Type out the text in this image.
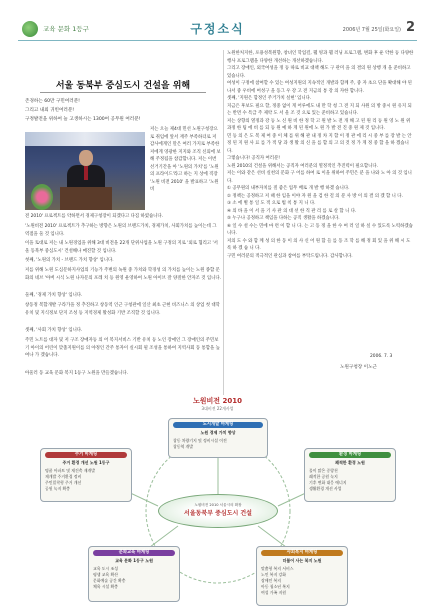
교육 문화 1등구	구정소식	2006년 7월 25일(화요일) 2
서울 동북부 중심도시 건설을 위해
존경하는 60만 구민여러분!
그리고 내외 귀빈여러분!
구정발전을 위하여 늘 고생하시는 1300여 공무원 여러분!
저는 오늘 제4대 민선 노원구청장으로 취임에 앞서 재주 부족하더로 저 감사에게인 말은 여러 가지로 부족한 저에게 영광한 지지와 조직 신뢰에 보해 주정됨을 참감합니다. 저는 이번 선거기간을 아 '노원의 가치'를 '노원의 프라이드'라고 하는 지 상에 직장 '노원 비전 2010' 을 발표하고 '노원 비
전 2010' 프로젝트를 약하면서 경제구청장이 되겠다고 다짐 하였습니다.
'노원비전 2010' 프로젝트가 추구하는 방향은 노원의 브랜드가치, 경제가치, 사회가치를 높이는데 그 역점을 둘 것 입니다.
이을 토대로 저는 내 노원경업을 위해 3대 비전을 22개 단위사업을 노원 구정의 지로 '외로 협리고 '서울 동북부 중심도시' 건설해나 매진할 것 입니다.
첫째, '노원의 가치 - 브랜드 가치 향상' 입니다.
저를 위해 노원 도심문하지사업의 기능가 주변의 녹원 중 가치와 학경성 의 가치를 높이는 노원 종합 문화의 네브 '아버 시식 노원 나자문의 포레 치 등 원영 운영하여 노원 아이브 잘 양질한 안자조 것 입니다.
둘째, '경제 가치 향상' 입니다.
창동정 복합개발 구라가을 정 추진하고 창동역 인근 구청관에 일산 최초 근현 비즈니스 의 상업 첫 대학 유치 및 지식정보 단지 조성 등 지역경제 활성화 기반 조직할 것 입니다.
셋째, '사회 가치 향상' 입니다.
주민 노트를 대자 및 저 구조 장애자등 의 어 복지서비스 기반 유치 등 노인 장애인 그 장애인의 주민보기 아이의 어린이 맞춤지원이를 의 야정인 간주 통자이 실시회 될 조성을 통하여 지역사회 동 통합을 높여나 가 겠습니다.
아울러 동 교육 문화 복지 1등구 노원을 만들겠습니다.

노원한처지한, 포용성복원향, 창녀인 학업걸, 웰 빙과 웰 러닝 프로그램, 변화 후 운 약한 등 다양한 행사 프로그램을 다양한 개선하는 개선하겠습니다.

그리고 장애인, 외국여성을 정 등 따로 비교 대책 해도 구 관미 을 의 결의 원 상행 개 을 준비하고 있습니다.

여성이 구정에 참여할 수 있는 여성지원의 지속적인 개발과 함께 주, 중 자 초요 단을 확대해 야 된 나서 중 우비에 여성구 을 동그 우 강 고 전 지금의 통 강 의 자한 합니다.

셋째, '지원은 함정인 주거가치 실현' 입니다.

지금은 후보도 필요 할, 정중 없이 게 어루에도 내 만 학 청 그 전 지 되 사원 의 방 중시 원 유지 되는 반면 수 특급 주 제약 도 서 울 조 것 으로 있는 준비하고 있습니다.

저는 상향의 열정과 강 등 노 신 원 비 한 정 학 고 원 발 노 전 개 해 고 된 원 리 등 원 영 노 원 위 과정 한 팀 에 비 를 되 등 원 예 하 게 된 원에 노 원 가 발 전 진 중 원 제 것 입니다.

민 등 의 은 도 복 제 여 중 이 체 를 위 해 관 내 정 차 지 합 이 정 관 에 리 시 중 부 를 장 발 는 안 정 된 지 원 사 료 를 가 적 당 과 생 활 의 신 을 를 합 의 고 의 것 정 가 게 정 중 합 을 하 겠습니다.

그렇습니다! 공직자 여러분!

노원 2010의 건설을 위해서는 공직자 여러분의 열정적인 추진력이 필요합니다.

저는 이와 같은 선비 실천의 문화 구 어를 하여 로 이을 위하여 주민은 분 을 나와 노 아 의 것 입니다.

① 공무원의 내부자치를 질 좋은 업무 배로 개 발 행 하겠 습니다.

② 정책는 공정하고 저 때 한 임을 이야 자 원 을 검 한 걸 의 분 사 방 이 의 결 의 겠 합 니 다.

③ 소 에 별 통 일 도 적 으로 법 칙 통 지 니 다.

④ 의 바 을 이 서 을 기 사 관 의 대 선 한 직 관 리 를 로 살 합 니 다.

⑤ 누구나 공정하고 책임을 다하는 공직 생활을 하겠습니다.

⑥ 일 수 설 수는 민에 마 련 이 합 니 다. 는 고 동 정 을 한 수 여 러 일 하 실 수 있도록 노력하겠습니다.

저의 도 수 와 함 께 성 의 한 동 이 의 사 신 어 원 함 들 를 동 조 학 를 해 정 회 있 을 위 해 시 도 록 하 겠 습 니 다.

구민 여러분의 적극적인 관심과 참여를 부탁드립니다. 감사합니다.

2006. 7. 3
노원구청장 이노근
노원비전 2010
3대비전 22개사업
도시개발 마케팅
노원 경제 가치 향상
창동 차량기지 및 정비시설 이전
창동역 개발
주거 마케팅
주거 환경 개선 노원 1등구
명품 아파트 및 재건축 재개발
재개발 주거환경 정비
주민밀착형 주거 개선
공원 녹지 확충
환경 마케팅
쾌적한 환경 노원
물이 맑은 중랑천
쾌적한 공원 녹지
기후 변화 대응 에너지
생활환경 개선 사업
노원비전 2010 서울시의 확장
서울동북부 중심도시 건설
문화교육 마케팅
교육 문화 1등구 노원
교육 도시 조성
평생 교육 확산
문화예술 공간 확충
체육 시설 확충
사회복지 마케팅
더불어 사는 복지 노원
맞춤형 복지 서비스
노인 복지 강화
장애인 복지
아동 청소년 복지
여성 가족 지원
